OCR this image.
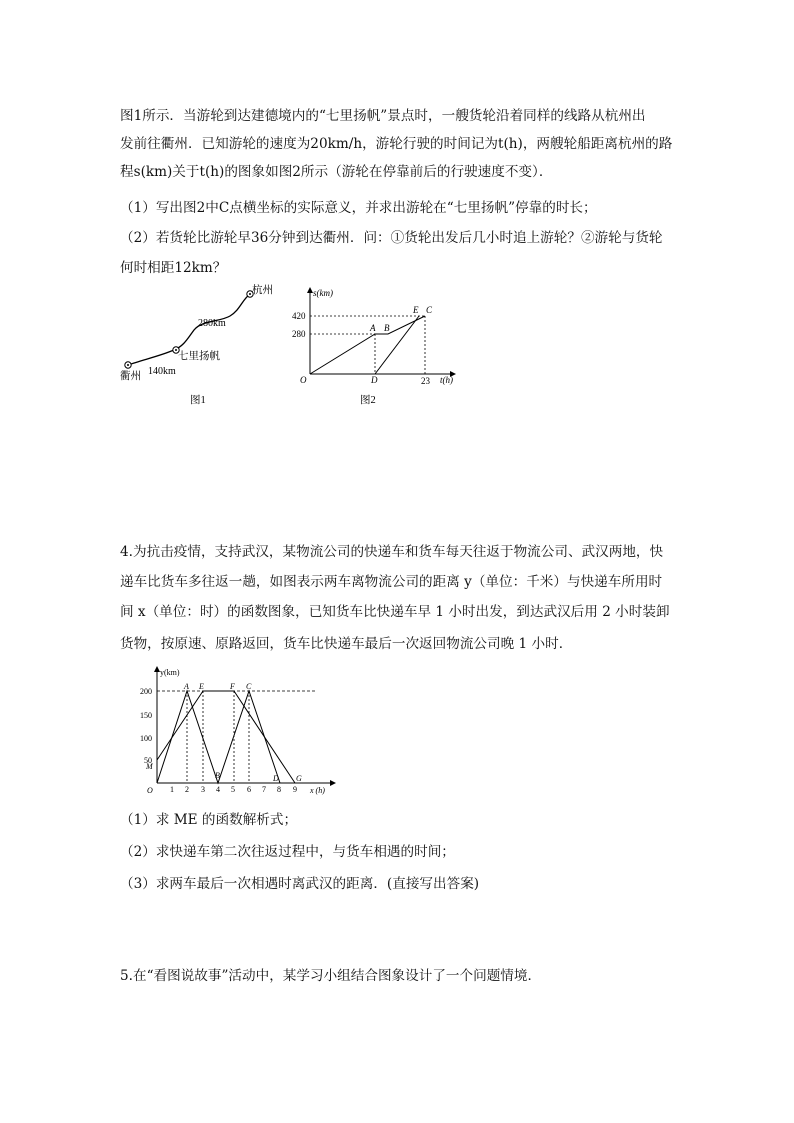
图1所示．当游轮到达建德境内的“七里扬帆”景点时，一艘货轮沿着同样的线路从杭州出
发前往衢州．已知游轮的速度为20km/h，游轮行驶的时间记为t(h)，两艘轮船距离杭州的路
程s(km)关于t(h)的图象如图2所示（游轮在停靠前后的行驶速度不变）．
（1）写出图2中C点横坐标的实际意义，并求出游轮在“七里扬帆”停靠的时长；
（2）若货轮比游轮早36分钟到达衢州．问：①货轮出发后几小时追上游轮？②游轮与货轮
何时相距12km？
杭州
280km
七里扬帆
140km
衢州
图1
s(km)
t(h)
420
280
23
O
A B
D
E C
图2
4.为抗击疫情，支持武汉，某物流公司的快递车和货车每天往返于物流公司、武汉两地，快
递车比货车多往返一趟，如图表示两车离物流公司的距离 y（单位：千米）与快递车所用时
间 x（单位：时）的函数图象，已知货车比快递车早 1 小时出发，到达武汉后用 2 小时装卸
货物，按原速、原路返回，货车比快递车最后一次返回物流公司晚 1 小时．
y(km)
x (h)
200
150
100
50
1 2 3 4 5 6 7 8 9
O
M
A E
B
F C
D G
（1）求 ME 的函数解析式；
（2）求快递车第二次往返过程中，与货车相遇的时间；
（3）求两车最后一次相遇时离武汉的距离．(直接写出答案)
5.在“看图说故事”活动中，某学习小组结合图象设计了一个问题情境．
